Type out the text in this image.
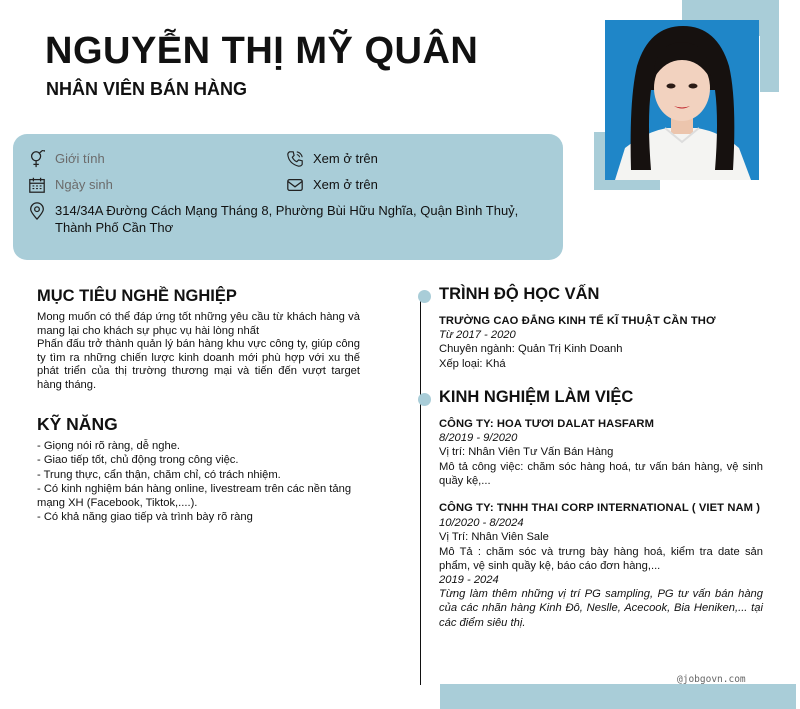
NGUYỄN THỊ MỸ QUÂN
NHÂN VIÊN BÁN HÀNG
Giới tính
Ngày sinh
Xem ở trên
Xem ở trên
314/34A Đường Cách Mạng Tháng 8, Phường Bùi Hữu Nghĩa, Quận Bình Thuỷ, Thành Phố Cần Thơ
MỤC TIÊU NGHỀ NGHIỆP
Mong muốn có thể đáp ứng tốt những yêu cầu từ khách hàng và mang lại cho khách sự phục vụ hài lòng nhất
Phấn đấu trở thành quản lý bán hàng khu vực công ty, giúp công ty tìm ra những chiến lược kinh doanh mới phù hợp với xu thế phát triển của thị trường thương mại và tiến đến vượt target hàng tháng.
KỸ NĂNG
- Giọng nói rõ ràng, dễ nghe.
- Giao tiếp tốt, chủ động trong công việc.
- Trung thực, cẩn thận, chăm chỉ, có trách nhiệm.
- Có kinh nghiệm bán hàng online, livestream trên các nền tảng mạng XH (Facebook, Tiktok,....).
- Có khả năng giao tiếp và trình bày rõ ràng
TRÌNH ĐỘ HỌC VẤN
TRƯỜNG CAO ĐẲNG KINH TẾ KĨ THUẬT CẦN THƠ
Từ 2017 - 2020
Chuyên ngành: Quản Trị Kinh Doanh
Xếp loại: Khá
KINH NGHIỆM LÀM VIỆC
CÔNG TY: HOA TƯƠI DALAT HASFARM
8/2019 - 9/2020
Vị trí: Nhân Viên Tư Vấn Bán Hàng
Mô tả công việc: chăm sóc hàng hoá, tư vấn bán hàng, vệ sinh quầy kệ,...
CÔNG TY: TNHH THAI CORP INTERNATIONAL ( VIET NAM )
10/2020 - 8/2024
Vị Trí: Nhân Viên Sale
Mô Tả : chăm sóc và trưng bày hàng hoá, kiểm tra date sản phẩm, vệ sinh quầy kệ, báo cáo đơn hàng,...
2019 - 2024
Từng làm thêm những vị trí PG sampling, PG tư vấn bán hàng của các nhãn hàng Kinh Đô, Neslle, Acecook, Bia Heniken,... tại các điểm siêu thị.
@jobgovn.com
